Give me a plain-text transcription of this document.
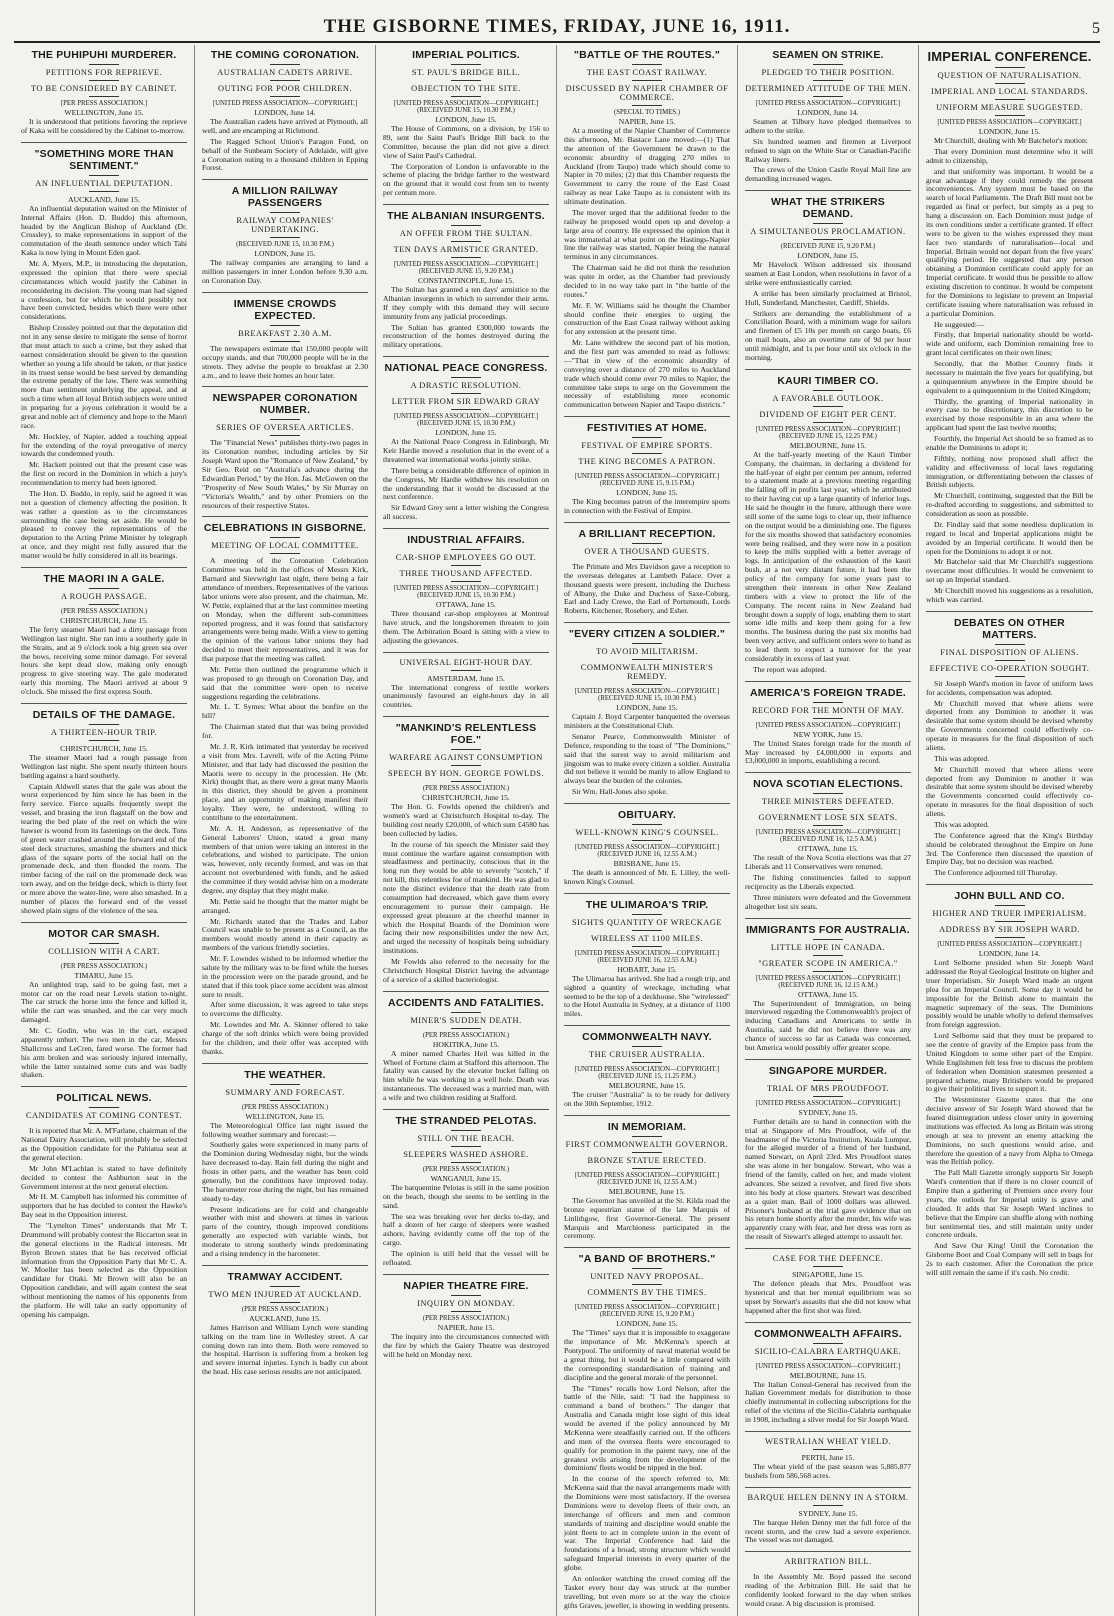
THE GISBORNE TIMES, FRIDAY, JUNE 16, 1911.	5
THE PUHIPUHI MURDERER.
PETITIONS FOR REPRIEVE.
TO BE CONSIDERED BY CABINET.
[PER PRESS ASSOCIATION.]
WELLINGTON, June 15.

It is understood that petitions favoring the reprieve of Kaka will be considered by the Cabinet to-morrow.

"SOMETHING MORE THAN SENTIMENT."
AN INFLUENTIAL DEPUTATION.
AUCKLAND, June 15.

An influential deputation waited on the Minister of Internal Affairs (Hon. D. Buddo) this afternoon, headed by the Anglican Bishop of Auckland (Dr. Crossley), to make representations in support of the commutation of the death sentence under which Tahi Kaka is now lying in Mount Eden gaol.

Mr. A. Myers, M.P., in introducing the deputation, expressed the opinion that there were special circumstances which would justify the Cabinet in reconsidering its decision. The young man had signed a confession, but for which he would possibly not have been convicted, besides which there were other considerations.

Bishop Crossley pointed out that the deputation did not in any sense desire to mitigate the sense of horror that must attach to such a crime, but they asked that earnest consideration should be given to the question whether so young a life should be taken, or that justice in its truest sense would be best served by demanding the extreme penalty of the law. There was something more than sentiment underlying the appeal, and at such a time when all loyal British subjects were united in preparing for a joyous celebration it would be a great and noble act of clemency and hope to the Maori race.

Mr. Hockley, of Napier, added a touching appeal for the extending of the royal prerogative of mercy towards the condemned youth.

Mr. Hackett pointed out that the present case was the first on record in the Dominion in which a jury's recommendation to mercy had been ignored.

The Hon. D. Buddo, in reply, said he agreed it was not a question of clemency affecting the position. It was rather a question as to the circumstances surrounding the case being set aside. He would be pleased to convey the representations of the deputation to the Acting Prime Minister by telegraph at once, and they might rest fully assured that the matter would be fully considered in all its bearings.

THE MAORI IN A GALE.
A ROUGH PASSAGE.
(PER PRESS ASSOCIATION.)
CHRISTCHURCH, June 15.

The ferry steamer Maori had a dirty passage from Wellington last night. She ran into a southerly gale in the Straits, and at 9 o'clock took a big green sea over the bows, receiving some minor damage. For several hours she kept dead slow, making only enough progress to give steering way. The gale moderated early this morning. The Maori arrived at about 9 o'clock. She missed the first express South.

DETAILS OF THE DAMAGE.
A THIRTEEN-HOUR TRIP.
CHRISTCHURCH, June 15.

The steamer Maori had a rough passage from Wellington last night. She spent nearly thirteen hours battling against a hard southerly.

Captain Aldwell states that the gale was about the worst experienced by him since he has been in the ferry service. Fierce squalls frequently swept the vessel, and brasing the iron flagstaff on the bow and tearing the bed plate of the reel on which the wire hawser is wound from its fastenings on the deck. Tons of green water crashed around the forward end of the steel deck structures, smashing the shutters and thick glass of the square ports of the social hall on the promenade deck, and then flooded the room. The timber facing of the rail on the promenade deck was torn away, and on the bridge deck, which is thirty feet or more above the water-line, were also smashed. In a number of places the forward end of the vessel showed plain signs of the violence of the sea.

MOTOR CAR SMASH.
COLLISION WITH A CART.
(PER PRESS ASSOCIATION.)
TIMARU, June 15.

An unlighted trap, said to be going fast, met a motor car on the road near Levels station to-night. The car struck the horse into the fence and killed it, while the cart was smashed, and the car very much damaged.

Mr. C. Godin, who was in the cart, escaped apparently unhurt. The two men in the car, Messrs Shallcross and LeCren, fared worse. The former had his arm broken and was seriously injured internally, while the latter sustained some cuts and was badly shaken.

POLITICAL NEWS.
CANDIDATES AT COMING CONTEST.

It is reported that Mr. A. M'Farlane, chairman of the National Dairy Association, will probably be selected as the Opposition candidate for the Pahiatua seat at the general election.

Mr John M'Lachlan is stated to have definitely decided to contest the Ashburton seat in the Government interest at the next general election.

Mr H. M. Campbell has informed his committee of supporters that he has decided to contest the Hawke's Bay seat in the Opposition interest.

The "Lyttelton Times" understands that Mr T. Drummond will probably contest the Riccarton seat in the general elections in the Radical interests. Mr Byron Brown states that he has received official information from the Opposition Party that Mr C. A. W. Moeller has been selected as the Opposition candidate for Otaki. Mr Brown will also be an Opposition candidate, and will again contest the seat without mentioning the names of his opponents from the platform. He will take an early opportunity of opening his campaign.

THE COMING CORONATION.
AUSTRALIAN CADETS ARRIVE.
OUTING FOR POOR CHILDREN.
[UNITED PRESS ASSOCIATION—COPYRIGHT.]
LONDON, June 14.

The Australian cadets have arrived at Plymouth, all well, and are encamping at Richmond.

The Ragged School Union's Paragon Fund, on behalf of the Sunbeam Society of Adelaide, will give a Coronation outing to a thousand children in Epping Forest.

A MILLION RAILWAY PASSENGERS
RAILWAY COMPANIES' UNDERTAKING.
(RECEIVED JUNE 15, 10.30 P.M.)
LONDON, June 15.

The railway companies are arranging to land a million passengers in inner London before 9.30 a.m. on Coronation Day.

IMMENSE CROWDS EXPECTED.
BREAKFAST 2.30 A.M.

The newspapers estimate that 150,000 people will occupy stands, and that 700,000 people will be in the streets. They advise the people to breakfast at 2.30 a.m., and to leave their homes an hour later.

NEWSPAPER CORONATION NUMBER.
SERIES OF OVERSEA ARTICLES.

The "Financial News" publishes thirty-two pages in its Coronation number, including articles by Sir Joseph Ward upon the "Romance of New Zealand," by Sir Geo. Reid on "Australia's advance during the Edwardian Period," by the Hon. Jas. McGowen on the "Prosperity of New South Wales," by Sir Murray on "Victoria's Wealth," and by other Premiers on the resources of their respective States.

CELEBRATIONS IN GISBORNE.
MEETING OF LOCAL COMMITTEE.

A meeting of the Coronation Celebration Committee was held in the offices of Messrs Kirk, Barnard and Sievwright last night, there being a fair attendance of members. Representatives of the various labor unions were also present, and the chairman, Mr. W. Pettie, explained that at the last committee meeting on Monday, when the different sub-committees reported progress, and it was found that satisfactory arrangements were being made. With a view to getting the opinion of the various labor unions they had decided to meet their representatives, and it was for that purpose that the meeting was called.

Mr. Pettie then outlined the programme which it was proposed to go through on Coronation Day, and said that the committee were open to receive suggestions regarding the celebrations.

Mr. L. T. Symes: What about the bonfire on the hill?

The Chairman stated that that was being provided for.

Mr. J. R. Kirk intimated that yesterday he received a visit from Mrs. Lavrell, wife of the Acting Prime Minister, and that lady had discussed the position the Maoris were to occupy in the procession. He (Mr. Kirk) thought that, as there were a great many Maoris in this district, they should be given a prominent place, and an opportunity of making manifest their loyalty. They were, he understood, willing to contribute to the entertainment.

Mr. A. H. Anderson, as representative of the General Laborers' Union, stated a great many members of that union were taking an interest in the celebrations, and wished to participate. The union was, however, only recently formed, and was on that account not overburdened with funds, and he asked the committee if they would advise him on a moderate degree, any display that they might make.

Mr. Pettie said he thought that the matter might be arranged.

Mr. Richards stated that the Trades and Labor Council was unable to be present as a Council, as the members would mostly attend in their capacity as members of the various friendly societies.

Mr. F. Lowndes wished to be informed whether the salute by the military was to be fired while the horses in the procession were on the parade ground, and he stated that if this took place some accident was almost sure to result.

After some discussion, it was agreed to take steps to overcome the difficulty.

Mr. Lowndes and Mr. A. Skinner offered to take charge of the soft drinks which were being provided for the children, and their offer was accepted with thanks.

THE WEATHER.
SUMMARY AND FORECAST.
(PER PRESS ASSOCIATION.)
WELLINGTON, June 15.

The Meteorological Office last night issued the following weather summary and forecast:—

Southerly gales were experienced in many parts of the Dominion during Wednesday night, but the winds have decreased to-day. Rain fell during the night and frosts in other parts, and the weather has been cold generally, but the conditions have improved today. The barometer rose during the night, but has remained steady to-day.

Present indications are for cold and changeable weather with mist and showers at times in various parts of the country, though improved conditions generally are expected with variable winds, but moderate to strong southerly winds predominating and a rising tendency in the barometer.

TRAMWAY ACCIDENT.
TWO MEN INJURED AT AUCKLAND.
(PER PRESS ASSOCIATION.)
AUCKLAND, June 15.

James Harrison and William Lynch were standing talking on the tram line in Wellesley street. A car coming down ran into them. Both were removed to the hospital. Harrison is suffering from a broken leg and severe internal injuries. Lynch is badly cut about the head. His case serious results are not anticipated.

IMPERIAL POLITICS.
ST. PAUL'S BRIDGE BILL.
OBJECTION TO THE SITE.
[UNITED PRESS ASSOCIATION—COPYRIGHT.] (RECEIVED JUNE 15, 10.30 P.M.)
LONDON, June 15.

The House of Commons, on a division, by 156 to 89, sent the Saint Paul's Bridge Bill back to the Committee, because the plan did not give a direct view of Saint Paul's Cathedral.

The Corporation of London is unfavorable to the scheme of placing the bridge farther to the westward on the ground that it would cost from ten to twenty per centum more.

THE ALBANIAN INSURGENTS.
AN OFFER FROM THE SULTAN.
TEN DAYS ARMISTICE GRANTED.
[UNITED PRESS ASSOCIATION—COPYRIGHT.] (RECEIVED JUNE 15, 9.20 P.M.)
CONSTANTINOPLE, June 15.

The Sultan has granted a ten days' armistice to the Albanian insurgents in which to surrender their arms. If they comply with this demand they will secure immunity from any judicial proceedings.

The Sultan has granted £300,000 towards the reconstruction of the homes destroyed during the military operations.

NATIONAL PEACE CONGRESS.
A DRASTIC RESOLUTION.
LETTER FROM SIR EDWARD GRAY
[UNITED PRESS ASSOCIATION—COPYRIGHT.] (RECEIVED JUNE 15, 10.30 P.M.)
LONDON, June 15.

At the National Peace Congress in Edinburgh, Mr Keir Hardie moved a resolution that in the event of a threatened war international works jointly strike.

There being a considerable difference of opinion in the Congress, Mr Hardie withdrew his resolution on the understanding that it would be discussed at the next conference.

Sir Edward Grey sent a letter wishing the Congress all success.

INDUSTRIAL AFFAIRS.
CAR-SHOP EMPLOYEES GO OUT.
THREE THOUSAND AFFECTED.
[UNITED PRESS ASSOCIATION—COPYRIGHT.] (RECEIVED JUNE 15, 10.30 P.M.)
OTTAWA, June 15.

Three thousand car-shop employees at Montreal have struck, and the longshoremen threaten to join them. The Arbitration Board is sitting with a view to adjusting the grievances.

UNIVERSAL EIGHT-HOUR DAY.
AMSTERDAM, June 15.

The international congress of textile workers unanimously favoured an eight-hours day in all countries.

"MANKIND'S RELENTLESS FOE."
WARFARE AGAINST CONSUMPTION
SPEECH BY HON. GEORGE FOWLDS.
(PER PRESS ASSOCIATION.)
CHRISTCHURCH, June 15.

The Hon. G. Fowlds opened the children's and women's ward at Christchurch Hospital to-day. The building cost nearly £20,000, of which sum £4580 has been collected by ladies.

In the course of his speech the Minister said they must continue the warfare against consumption with steadfastness and pertinacity, conscious that in the long run they would be able to severely "scotch," if not kill, this relentless foe of mankind. He was glad to note the distinct evidence that the death rate from consumption had decreased, which gave them every encouragement to pursue their campaign. He expressed great pleasure at the cheerful manner in which the Hospital Boards of the Dominion were facing their new responsibilities under the new Act, and urged the necessity of hospitals being subsidiary institutions.

Mr Fowlds also referred to the necessity for the Christchurch Hospital District having the advantage of a service of a skilled bacteriologist.

ACCIDENTS AND FATALITIES.
MINER'S SUDDEN DEATH.
(PER PRESS ASSOCIATION.)
HOKITIKA, June 15.

A miner named Charles Heil was killed in the Wheel of Fortune claim at Stafford this afternoon. The fatality was caused by the elevator bucket falling on him while he was working in a well hole. Death was instantaneous. The deceased was a married man, with a wife and two children residing at Stafford.

THE STRANDED PELOTAS.
STILL ON THE BEACH.
SLEEPERS WASHED ASHORE.
(PER PRESS ASSOCIATION.)
WANGANUI, June 15.

The barquentine Pelotas is still in the same position on the beach, though she seems to be settling in the sand.

The sea was breaking over her decks to-day, and half a dozen of her cargo of sleepers were washed ashore, having evidently come off the top of the cargo.

The opinion is still held that the vessel will be refloated.

NAPIER THEATRE FIRE.
INQUIRY ON MONDAY.
(PER PRESS ASSOCIATION.)
NAPIER, June 15.

The inquiry into the circumstances connected with the fire by which the Gaiety Theatre was destroyed will be held on Monday next.

"BATTLE OF THE ROUTES."
THE EAST COAST RAILWAY.
DISCUSSED BY NAPIER CHAMBER OF COMMERCE.
(SPECIAL TO TIMES.)
NAPIER, June 15.

At a meeting of the Napier Chamber of Commerce this afternoon, Mr. Bastace Lane moved:—(1) That the attention of the Government be drawn to the economic absurdity of dragging 270 miles to Auckland (from Taupo) trade which should come to Napier in 70 miles; (2) that this Chamber requests the Government to carry the route of the East Coast railway as near Lake Taupo as is consistent with its ultimate destination.

The mover urged that the additional feeder to the railway he proposed would open up and develop a large area of country. He expressed the opinion that it was immaterial at what point on the Hastings-Napier line the railway was started, Napier being the natural terminus in any circumstances.

The Chairman said he did not think the resolution was quite in order, as the Chamber had previously decided to in no way take part in "the battle of the routes."

Mr. F. W. Williams said he thought the Chamber should confine their energies to urging the construction of the East Coast railway without asking for any extension at the present time.

Mr. Lane withdrew the second part of his motion, and the first part was amended to read as follows:—"That in view of the economic absurdity of conveying over a distance of 270 miles to Auckland trade which should come over 70 miles to Napier, the committee take steps to urge on the Government the necessity of establishing more economic communication between Napier and Taupo districts."

FESTIVITIES AT HOME.
FESTIVAL OF EMPIRE SPORTS.
THE KING BECOMES A PATRON.
[UNITED PRESS ASSOCIATION—COPYRIGHT.] (RECEIVED JUNE 15, 9.15 P.M.)
LONDON, June 15.

The King becomes patron of the interempire sports in connection with the Festival of Empire.

A BRILLIANT RECEPTION.
OVER A THOUSAND GUESTS.

The Primate and Mrs Davidson gave a reception to the overseas delegates at Lambeth Palace. Over a thousand guests were present, including the Duchess of Albany, the Duke and Duchess of Saxe-Coburg, Earl and Lady Crewe, the Earl of Portsmouth, Lords Roberts, Kitchener, Rosebery, and Esher.

"EVERY CITIZEN A SOLDIER."
TO AVOID MILITARISM.
COMMONWEALTH MINISTER'S REMEDY.
[UNITED PRESS ASSOCIATION—COPYRIGHT.] (RECEIVED JUNE 15, 10.30 P.M.)
LONDON, June 15.

Captain J. Boyd Carpenter banquetted the overseas ministers at the Constitutional Club.

Senator Pearce, Commonwealth Minister of Defence, responding to the toast of "The Dominions," said that the surest way to avoid militarism and jingoism was to make every citizen a soldier. Australia did not believe it would be manly to allow England to always bear the burden of the colonies.

Sir Wm. Hall-Jones also spoke.

OBITUARY.
WELL-KNOWN KING'S COUNSEL.
[UNITED PRESS ASSOCIATION—COPYRIGHT.] (RECEIVED JUNE 16, 12.55 A.M.)
BRISBANE, June 15.

The death is announced of Mr. E. Lilley, the well-known King's Counsel.

THE ULIMAROA'S TRIP.
SIGHTS QUANTITY OF WRECKAGE
WIRELESS AT 1100 MILES.
[UNITED PRESS ASSOCIATION—COPYRIGHT.] (RECEIVED JUNE 16, 12.55 A.M.)
HOBART, June 15.

The Ulimaroa has arrived. She had a rough trip, and sighted a quantity of wreckage, including what seemed to be the top of a deckhouse. She "wirelessed" to the Hotel Australia in Sydney, at a distance of 1100 miles.

COMMONWEALTH NAVY.
THE CRUISER AUSTRALIA.
[UNITED PRESS ASSOCIATION—COPYRIGHT.] (RECEIVED JUNE 15, 11.25 P.M.)
MELBOURNE, June 15.

The cruiser "Australia" is to be ready for delivery on the 30th September, 1912.

IN MEMORIAM.
FIRST COMMONWEALTH GOVERNOR.
BRONZE STATUE ERECTED.
[UNITED PRESS ASSOCIATION—COPYRIGHT.] (RECEIVED JUNE 16, 12.55 A.M.)
MELBOURNE, June 15.

The Governor has unveiled at the St. Kilda road the bronze equestrian statue of the late Marquis of Linlithgow, first Governor-General. The present Marquis and Marchioness participated in the ceremony.

"A BAND OF BROTHERS."
UNITED NAVY PROPOSAL.
COMMENTS BY THE TIMES.
[UNITED PRESS ASSOCIATION—COPYRIGHT.] (RECEIVED JUNE 15, 9.20 P.M.)
LONDON, June 15.

The "Times" says that it is impossible to exaggerate the importance of Mr. McKenna's speech at Pontypool. The uniformity of naval material would be a great thing, but it would be a little compared with the corresponding standardisation of training and discipline and the general morale of the personnel.

The "Times" recalls how Lord Nelson, after the battle of the Nile, said: "I had the happiness to command a band of brothers." The danger that Australia and Canada might lose sight of this ideal would be averted if the policy announced by Mr McKenna were steadfastly carried out. If the officers and men of the oversea fleets were encouraged to qualify for promotion in the parent navy, one of the greatest evils arising from the development of the dominions' fleets would be nipped in the bud.

In the course of the speech referred to, Mr. McKenna said that the naval arrangements made with the Dominions were most satisfactory. If the oversea Dominions were to develop fleets of their own, an interchange of officers and men and common standards of training and discipline would enable the joint fleets to act in complete union in the event of war. The Imperial Conference had laid the foundations of a broad, strong structure which would safeguard Imperial interests in every quarter of the globe.

An onlooker watching the crowd coming off the Tasker every hour day was struck at the number travelling, but even more so at the way the choice gifts Graves, jeweller, is showing in wedding presents.

SEAMEN ON STRIKE.
PLEDGED TO THEIR POSITION.
DETERMINED ATTITUDE OF THE MEN.
[UNITED PRESS ASSOCIATION—COPYRIGHT.]
LONDON, June 14.

Seamen at Tilbury have pledged themselves to adhere to the strike.

Six hundred seamen and firemen at Liverpool refused to sign on the White Star or Canadian-Pacific Railway liners.

The crews of the Union Castle Royal Mail line are demanding increased wages.

WHAT THE STRIKERS DEMAND.
A SIMULTANEOUS PROCLAMATION.
(RECEIVED JUNE 15, 9.20 P.M.)
LONDON, June 15.

Mr Havelock Wilson addressed six thousand seamen at East London, when resolutions in favor of a strike were enthusiastically carried.

A strike has been similarly proclaimed at Bristol, Hull, Sunderland, Manchester, Cardiff, Shields.

Strikers are demanding the establishment of a Conciliation Board, with a minimum wage for sailors and firemen of £5 10s per month on cargo boats, £6 on mail boats, also an overtime rate of 9d per hour until midnight, and 1s per hour until six o'clock in the morning.

KAURI TIMBER CO.
A FAVORABLE OUTLOOK.
DIVIDEND OF EIGHT PER CENT.
[UNITED PRESS ASSOCIATION—COPYRIGHT.] (RECEIVED JUNE 15, 12.25 P.M.)
MELBOURNE, June 15.

At the half-yearly meeting of the Kauri Timber Company, the chairman, in declaring a dividend for the half-year of eight per centum per annum, referred to a statement made at a previous meeting regarding the falling off in profits last year, which he attributed to their having cut up a large quantity of inferior logs. He said he thought in the future, although there were still some of the same logs to clear up, their influence on the output would be a diminishing one. The figures for the six months showed that satisfactory economies were being realised, and they were now in a position to keep the mills supplied with a better average of logs. In anticipation of the exhaustion of the kauri bush, at a not very distant future, it had been the policy of the company for some years past to strengthen their interests in other New Zealand timbers with a view to protect the life of the Company. The recent rains in New Zealand had brought down a supply of logs, enabling them to start some idle mills and keep them going for a few months. The business during the past six months had been very active, and sufficient orders were to hand as to lead them to expect a turnover for the year considerably in excess of last year.

The report was adopted.

AMERICA'S FOREIGN TRADE.
RECORD FOR THE MONTH OF MAY.
[UNITED PRESS ASSOCIATION—COPYRIGHT.]
NEW YORK, June 15.

The United States foreign trade for the month of May increased by £4,000,000 in exports and £3,000,000 in imports, establishing a record.

NOVA SCOTIAN ELECTIONS.
THREE MINISTERS DEFEATED.
GOVERNMENT LOSE SIX SEATS.
[UNITED PRESS ASSOCIATION—COPYRIGHT.] (RECEIVED JUNE 16, 12.5 A.M.)
OTTAWA, June 15.

The result of the Nova Scotia elections was that 27 Liberals and 11 Conservatives were returned.

The fishing constituencies failed to support reciprocity as the Liberals expected.

Three ministers were defeated and the Government altogether lost six seats.

IMMIGRANTS FOR AUSTRALIA.
LITTLE HOPE IN CANADA.
"GREATER SCOPE IN AMERICA."
[UNITED PRESS ASSOCIATION—COPYRIGHT.] (RECEIVED JUNE 16, 12.15 A.M.)
OTTAWA, June 15.

The Superintendent of Immigration, on being interviewed regarding the Commonwealth's project of inducing Canadians and Americans to settle in Australia, said he did not believe there was any chance of success so far as Canada was concerned, but America would possibly offer greater scope.

SINGAPORE MURDER.
TRIAL OF MRS PROUDFOOT.
[UNITED PRESS ASSOCIATION—COPYRIGHT.]
SYDNEY, June 15.

Further details are to hand in connection with the trial at Singapore of Mrs Proudfoot, wife of the headmaster of the Victoria Institution, Kuala Lumpur, for the alleged murder of a friend of her husband, named Stewart, on April 23rd. Mrs Proudfoot states she was alone in her bungalow. Stewart, who was a friend of the family, called on her, and made violent advances. She seized a revolver, and fired five shots into his body at close quarters. Stewart was described as a quiet man. Bail of 1000 dollars was allowed. Prisoner's husband at the trial gave evidence that on his return home shortly after the murder, his wife was apparently crazy with fear, and her dress was torn as the result of Stewart's alleged attempt to assault her.

CASE FOR THE DEFENCE.
SINGAPORE, June 15.

The defence pleads that Mrs. Proudfoot was hysterical and that her mental equilibrium was so upset by Stewart's assaults that she did not know what happened after the first shot was fired.

COMMONWEALTH AFFAIRS.
SICILIO-CALABRA EARTHQUAKE.
[UNITED PRESS ASSOCIATION—COPYRIGHT.]
MELBOURNE, June 15.

The Italian Consul-General has received from the Italian Government medals for distribution to those chiefly instrumental in collecting subscriptions for the relief of the victims of the Sicilio-Calabria earthquake in 1908, including a silver medal for Sir Joseph Ward.

WESTRALIAN WHEAT YIELD.
PERTH, June 15.

The wheat yield of the past season was 5,885,877 bushels from 586,568 acres.

BARQUE HELEN DENNY IN A STORM.
SYDNEY, June 15.

The barque Helen Denny met the full force of the recent storm, and the crew had a severe experience. The vessel was not damaged.

ARBITRATION BILL.

In the Assembly Mr. Boyd passed the second reading of the Arbitration Bill. He said that he confidently looked forward to the day when strikes would cease. A big discussion is promised.

IMPERIAL CONFERENCE.
QUESTION OF NATURALISATION.
IMPERIAL AND LOCAL STANDARDS.
UNIFORM MEASURE SUGGESTED.
[UNITED PRESS ASSOCIATION—COPYRIGHT.]
LONDON, June 15.

Mr Churchill, dealing with Mr Batchelor's motion:

That every Dominion must determine who it will admit to citizenship,

and that uniformity was important. It would be a great advantage if they could remedy the present inconveniences. Any system must be based on the search of local Parliaments. The Draft Bill must not be regarded as final or perfect, but simply as a peg to hang a discussion on. Each Dominion must judge of its own conditions under a certificate granted. If effect were to be given to the wishes expressed they must face two standards of naturalisation—local and Imperial. Britain would not depart from the five years' qualifying period. He suggested that any person obtaining a Dominion certificate could apply for an Imperial certificate. It would thus be possible to allow existing discretion to continue. It would be competent for the Dominions to legislate to prevent an Imperial certificate issuing where naturalisation was refused in a particular Dominion.

He suggested:—

Firstly, that Imperial nationality should be world-wide and uniform, each Dominion remaining free to grant local certificates on their own lines;

Secondly, that the Mother Country finds it necessary to maintain the five years for qualifying, but a quinquennium anywhere in the Empire should be equivalent to a quinquennium in the United Kingdom;

Thirdly, the granting of Imperial nationality in every case to be discretionary, this discretion to be exercised by those responsible in an area where the applicant had spent the last twelve months;

Fourthly, the Imperial Act should be so framed as to enable the Dominions to adopt it;

Fifthly, nothing now proposed shall affect the validity and effectiveness of local laws regulating immigration, or differentiating between the classes of British subjects.

Mr Churchill, continuing, suggested that the Bill be re-drafted according to suggestions, and submitted to consideration as soon as possible.

Dr. Findlay said that some needless duplication in regard to local and Imperial applications might be avoided by an Imperial certificate. It would then be open for the Dominions to adopt it or not.

Mr Batchelor said that Mr Churchill's suggestions overcame most difficulties. It would be convenient to set up an Imperial standard.

Mr Churchill moved his suggestions as a resolution, which was carried.

DEBATES ON OTHER MATTERS.
FINAL DISPOSITION OF ALIENS.
EFFECTIVE CO-OPERATION SOUGHT.

Sir Joseph Ward's motion in favor of uniform laws for accidents, compensation was adopted.

Mr Churchill moved that where aliens were deported from any Dominion to another it was desirable that some system should be devised whereby the Governments concerned could effectively co-operate in measures for the final disposition of such aliens.

This was adopted.

Mr Churchill moved that where aliens were deported from any Dominion to another it was desirable that some system should be devised whereby the Governments concerned could effectively co-operate in measures for the final disposition of such aliens.

This was adopted.

The Conference agreed that the King's Birthday should be celebrated throughout the Empire on June 3rd. The Conference then discussed the question of Empire Day, but no decision was reached.

The Conference adjourned till Thursday.

JOHN BULL AND CO.
HIGHER AND TRUER IMPERIALISM.
ADDRESS BY SIR JOSEPH WARD.
[UNITED PRESS ASSOCIATION—COPYRIGHT.]
LONDON, June 14.

Lord Selborne presided when Sir Joseph Ward addressed the Royal Geological Institute on higher and truer Imperialism. Sir Joseph Ward made an urgent plea for an Imperial Council. Some day it would be impossible for the British alone to maintain the magnetic supremacy of the seas. The Dominions possibly would be unable wholly to defend themselves from foreign aggression.

Lord Selborne said that they must be prepared to see the centre of gravity of the Empire pass from the United Kingdom to some other part of the Empire. While Englishmen felt less free to discuss the problem of federation when Dominion statesmen presented a prepared scheme, many Britishers would be prepared to give their political lives to support it.

The Westminster Gazette states that the one decisive answer of Sir Joseph Ward showed that he feared disintegration unless closer unity in governing institutions was effected. As long as Britain was strong enough at sea to prevent an enemy attacking the Dominions, no such questions would arise, and therefore the question of a navy from Alpha to Omega was the British policy.

The Pall Mall Gazette strongly supports Sir Joseph Ward's contention that if there is no closer council of Empire than a gathering of Premiers once every four years, the outlook for Imperial unity is grave and clouded. It adds that Sir Joseph Ward inclines to believe that the Empire can shuffle along with nothing but sentimental ties, and still maintain unity under concrete ordeals.

And Save Our King! Until the Coronation the Gisborne Boot and Coal Company will sell in bags for 2s to each customer. After the Coronation the price will still remain the same if it's cash. No credit.
